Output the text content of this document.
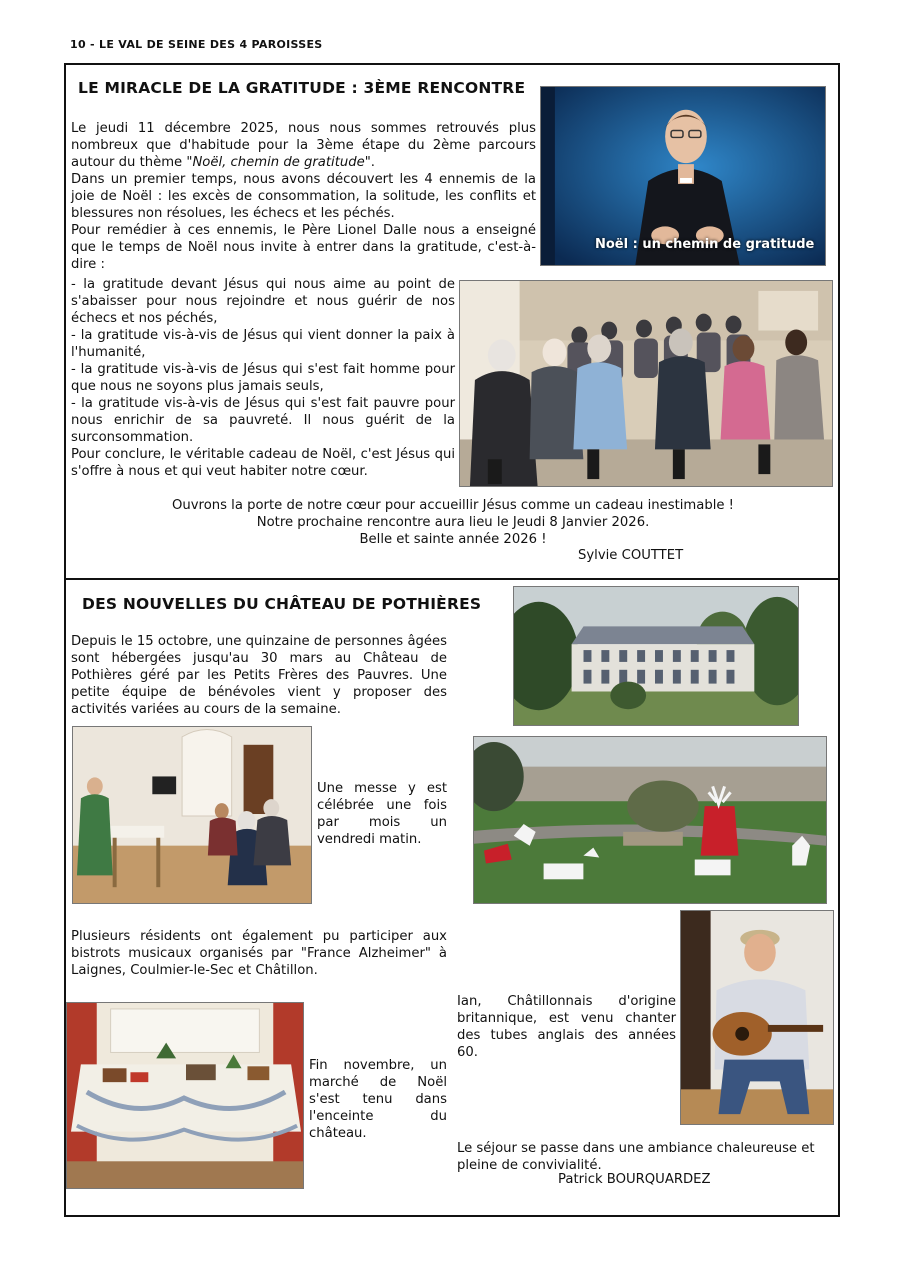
10 - LE VAL DE SEINE DES 4 PAROISSES
LE MIRACLE DE LA GRATITUDE : 3ÈME RENCONTRE

Le jeudi 11 décembre 2025, nous nous sommes retrouvés plus nombreux que d'habitude pour la 3ème étape du 2ème parcours autour du thème "Noël, chemin de gratitude".

Dans un premier temps, nous avons découvert les 4 ennemis de la joie de Noël : les excès de consommation, la solitude, les conflits et blessures non résolues, les échecs et les péchés.

Pour remédier à ces ennemis, le Père Lionel Dalle nous a enseigné que le temps de Noël nous invite à entrer dans la gratitude, c'est-à-dire :

- la gratitude devant Jésus qui nous aime au point de s'abaisser pour nous rejoindre et nous guérir de nos échecs et nos péchés,

- la gratitude vis-à-vis de Jésus qui vient donner la paix à l'humanité,

- la gratitude vis-à-vis de Jésus qui s'est fait homme pour que nous ne soyons plus jamais seuls,

- la gratitude vis-à-vis de Jésus qui s'est fait pauvre pour nous enrichir de sa pauvreté. Il nous guérit de la surconsommation.

Pour conclure, le véritable cadeau de Noël, c'est Jésus qui s'offre à nous et qui veut habiter notre cœur.

Ouvrons la porte de notre cœur pour accueillir Jésus comme un cadeau inestimable !
Notre prochaine rencontre aura lieu le Jeudi 8 Janvier 2026.
Belle et sainte année 2026 !
Sylvie COUTTET
Noël : un chemin de gratitude
DES NOUVELLES DU CHÂTEAU DE POTHIÈRES
Depuis le 15 octobre, une quinzaine de personnes âgées sont hébergées jusqu'au 30 mars au Château de Pothières géré par les Petits Frères des Pauvres. Une petite équipe de bénévoles vient y proposer des activités variées au cours de la semaine.
Une messe y est célébrée une fois par mois un vendredi matin.
Plusieurs résidents ont également pu participer aux bistrots musicaux organisés par "France Alzheimer" à Laignes, Coulmier-le-Sec et Châtillon.
Ian, Châtillonnais d'origine britannique, est venu chanter des tubes anglais des années 60.
Fin novembre, un marché de Noël s'est tenu dans l'enceinte du château.
Le séjour se passe dans une ambiance chaleureuse et pleine de convivialité.
Patrick BOURQUARDEZ
